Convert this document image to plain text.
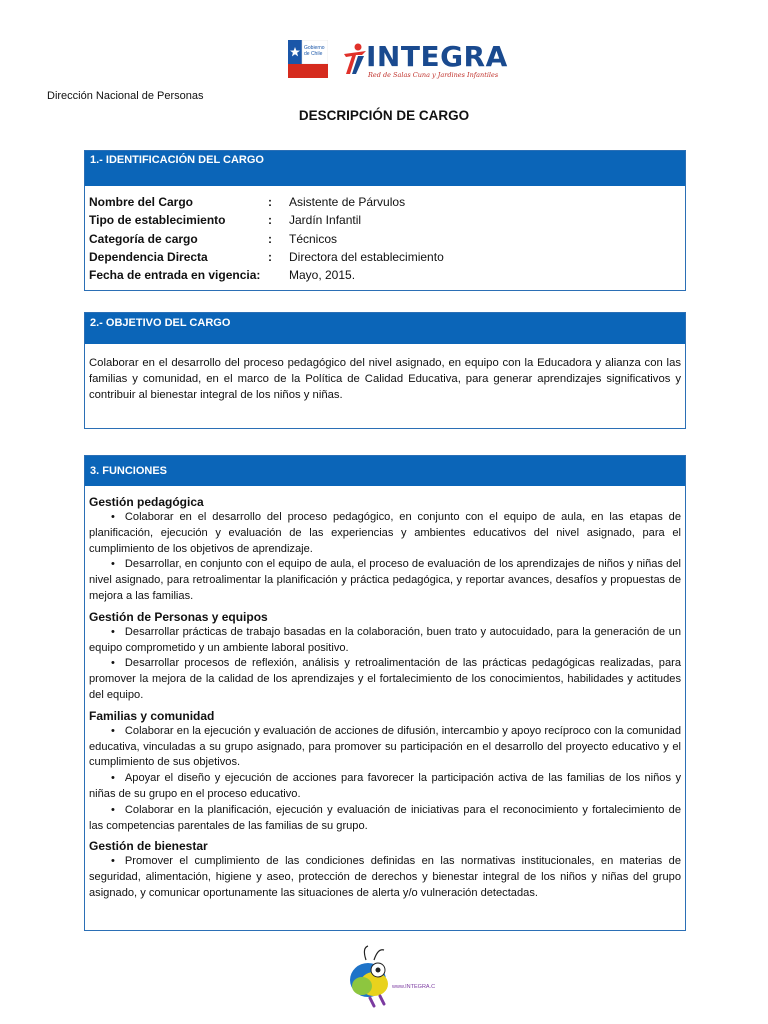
Gobierno
de Chile INTEGRA
Red de Salas Cuna y Jardines Infantiles
Dirección Nacional de Personas
DESCRIPCIÓN DE CARGO
1.- IDENTIFICACIÓN DEL CARGO
Nombre del Cargo	:	Asistente de Párvulos
Tipo de establecimiento	:	Jardín Infantil
Categoría de cargo	:	Técnicos
Dependencia Directa	:	Directora del establecimiento
Fecha de entrada en vigencia:	Mayo, 2015.
2.- OBJETIVO DEL CARGO
Colaborar en el desarrollo del proceso pedagógico del nivel asignado, en equipo con la Educadora y alianza con las familias y comunidad, en el marco de la Política de Calidad Educativa, para generar aprendizajes significativos y contribuir al bienestar integral de los niños y niñas.
3. FUNCIONES
Gestión pedagógica
• Colaborar en el desarrollo del proceso pedagógico, en conjunto con el equipo de aula, en las etapas de planificación, ejecución y evaluación de las experiencias y ambientes educativos del nivel asignado, para el cumplimiento de los objetivos de aprendizaje.
• Desarrollar, en conjunto con el equipo de aula, el proceso de evaluación de los aprendizajes de niños y niñas del nivel asignado, para retroalimentar la planificación y práctica pedagógica, y reportar avances, desafíos y propuestas de mejora a las familias.
Gestión de Personas y equipos
• Desarrollar prácticas de trabajo basadas en la colaboración, buen trato y autocuidado, para la generación de un equipo comprometido y un ambiente laboral positivo.
• Desarrollar procesos de reflexión, análisis y retroalimentación de las prácticas pedagógicas realizadas, para promover la mejora de la calidad de los aprendizajes y el fortalecimiento de los conocimientos, habilidades y actitudes del equipo.
Familias y comunidad
• Colaborar en la ejecución y evaluación de acciones de difusión, intercambio y apoyo recíproco con la comunidad educativa, vinculadas a su grupo asignado, para promover su participación en el desarrollo del proyecto educativo y el cumplimiento de sus objetivos.
• Apoyar el diseño y ejecución de acciones para favorecer la participación activa de las familias de los niños y niñas de su grupo en el proceso educativo.
• Colaborar en la planificación, ejecución y evaluación de iniciativas para el reconocimiento y fortalecimiento de las competencias parentales de las familias de su grupo.
Gestión de bienestar
• Promover el cumplimiento de las condiciones definidas en las normativas institucionales, en materias de seguridad, alimentación, higiene y aseo, protección de derechos y bienestar integral de los niños y niñas del grupo asignado, y comunicar oportunamente las situaciones de alerta y/o vulneración detectadas.
www.INTEGRA.CL
